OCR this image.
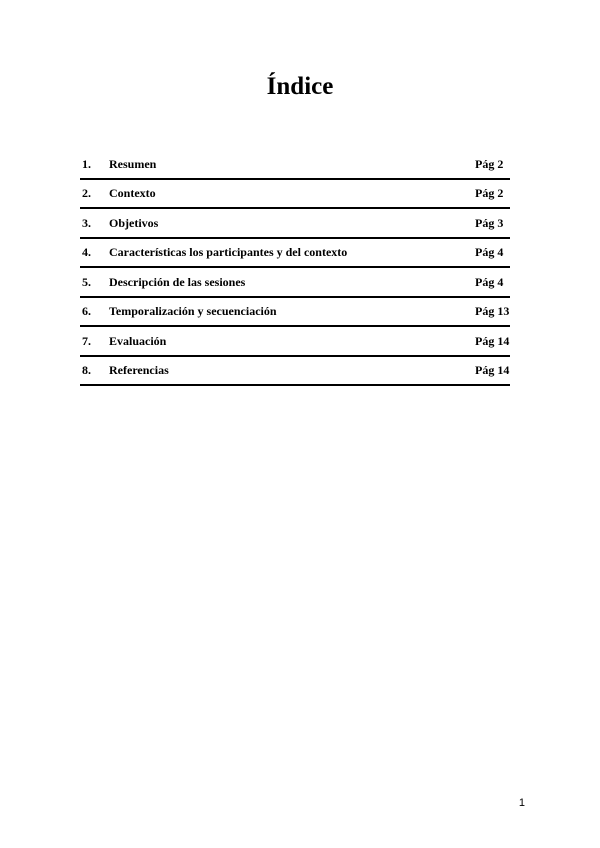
Índice
1. Resumen	Pág 2
2. Contexto	Pág 2
3. Objetivos	Pág 3
4. Características los participantes y del contexto	Pág 4
5. Descripción de las sesiones	Pág 4
6. Temporalización y secuenciación	Pág 13
7. Evaluación	Pág 14
8. Referencias	Pág 14
1
